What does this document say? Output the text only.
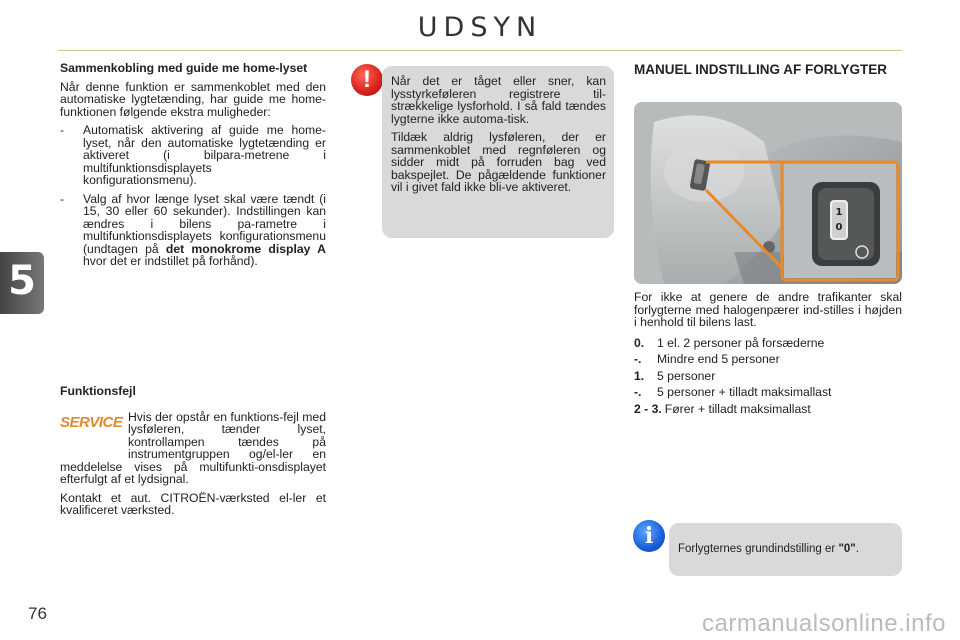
UDSYN
5
Sammenkobling med guide me home-lyset

Når denne funktion er sammenkoblet med den automatiske lygtetænding, har guide me home-funktionen følgende ekstra muligheder:

- Automatisk aktivering af guide me home-lyset, når den automatiske lygtetænding er aktiveret (i bilpara-metrene i multifunktionsdisplayets konfigurationsmenu).
- Valg af hvor længe lyset skal være tændt (i 15, 30 eller 60 sekunder). Indstillingen kan ændres i bilens pa-rametre i multifunktionsdisplayets konfigurationsmenu (undtagen på det monokrome display A hvor det er indstillet på forhånd).
Funktionsfejl
SERVICE Hvis der opstår en funktions-fejl med lysføleren, tænder lyset, kontrollampen tændes på instrumentgruppen og/el-ler en meddelelse vises på multifunkti-onsdisplayet efterfulgt af et lydsignal.

Kontakt et aut. CITROËN-værksted el-ler et kvalificeret værksted.

!	Når det er tåget eller sner, kan lysstyrkeføleren registrere til-strækkelige lysforhold. I så fald tændes lygterne ikke automa-tisk.

Tildæk aldrig lysføleren, der er sammenkoblet med regnføleren og sidder midt på forruden bag ved bakspejlet. De pågældende funktioner vil i givet fald ikke bli-ve aktiveret.

MANUEL INDSTILLING AF FORLYGTER
1
0

For ikke at genere de andre trafikanter skal forlygterne med halogenpærer ind-stilles i højden i henhold til bilens last.

0. 1 el. 2 personer på forsæderne
-. Mindre end 5 personer
1. 5 personer
-. 5 personer + tilladt maksimallast
2 - 3. Fører + tilladt maksimallast
i	Forlygternes grundindstilling er "0".
76	carmanualsonline.info
